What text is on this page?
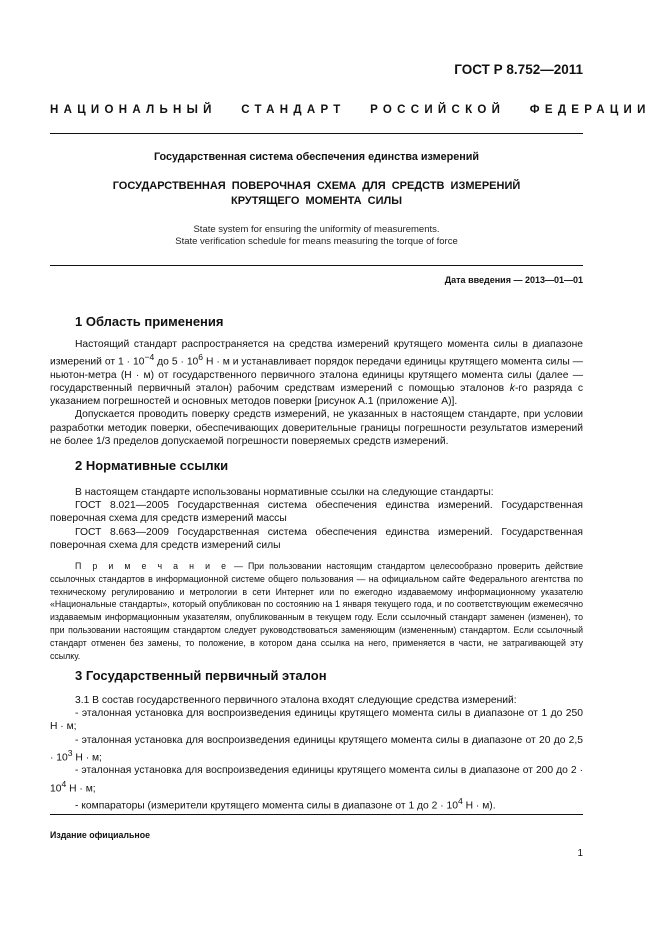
ГОСТ Р 8.752—2011
НАЦИОНАЛЬНЫЙ СТАНДАРТ РОССИЙСКОЙ ФЕДЕРАЦИИ
Государственная система обеспечения единства измерений
ГОСУДАРСТВЕННАЯ ПОВЕРОЧНАЯ СХЕМА ДЛЯ СРЕДСТВ ИЗМЕРЕНИЙ
КРУТЯЩЕГО МОМЕНТА СИЛЫ
State system for ensuring the uniformity of measurements.
State verification schedule for means measuring the torque of force
Дата введения — 2013—01—01
1 Область применения

Настоящий стандарт распространяется на средства измерений крутящего момента силы в диапазоне измерений от $1 \cdot 10^{-4}$ до $5 \cdot 10^6$ Н · м и устанавливает порядок передачи единицы крутящего момента силы — ньютон-метра (Н · м) от государственного первичного эталона единицы крутящего момента силы (далее — государственный первичный эталон) рабочим средствам измерений с помощью эталонов k-го разряда с указанием погрешностей и основных методов поверки [рисунок А.1 (приложение А)].

Допускается проводить поверку средств измерений, не указанных в настоящем стандарте, при условии разработки методик поверки, обеспечивающих доверительные границы погрешности результатов измерений не более 1/3 пределов допускаемой погрешности поверяемых средств измерений.

2 Нормативные ссылки

В настоящем стандарте использованы нормативные ссылки на следующие стандарты:

ГОСТ 8.021—2005 Государственная система обеспечения единства измерений. Государственная поверочная схема для средств измерений массы

ГОСТ 8.663—2009 Государственная система обеспечения единства измерений. Государственная поверочная схема для средств измерений силы

П р и м е ч а н и е — При пользовании настоящим стандартом целесообразно проверить действие ссылочных стандартов в информационной системе общего пользования — на официальном сайте Федерального агентства по техническому регулированию и метрологии в сети Интернет или по ежегодно издаваемому информационному указателю «Национальные стандарты», который опубликован по состоянию на 1 января текущего года, и по соответствующим ежемесячно издаваемым информационным указателям, опубликованным в текущем году. Если ссылочный стандарт заменен (изменен), то при пользовании настоящим стандартом следует руководствоваться заменяющим (измененным) стандартом. Если ссылочный стандарт отменен без замены, то положение, в котором дана ссылка на него, применяется в части, не затрагивающей эту ссылку.

3 Государственный первичный эталон

3.1 В состав государственного первичного эталона входят следующие средства измерений:

- эталонная установка для воспроизведения единицы крутящего момента силы в диапазоне от 1 до 250 Н · м;

- эталонная установка для воспроизведения единицы крутящего момента силы в диапазоне от 20 до $2,5 \cdot 10^3$ Н · м;

- эталонная установка для воспроизведения единицы крутящего момента силы в диапазоне от 200 до $2 \cdot 10^4$ Н · м;

- компараторы (измерители крутящего момента силы в диапазоне от 1 до $2 \cdot 10^4$ Н · м).

Издание официальное
1
